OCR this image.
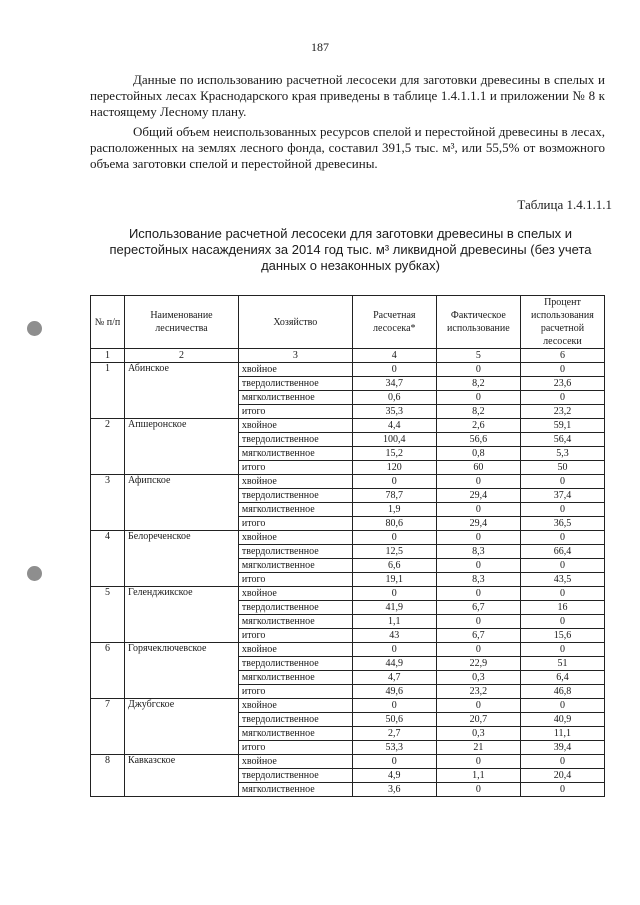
187

Данные по использованию расчетной лесосеки для заготовки древесины в спелых и перестойных лесах Краснодарского края приведены в таблице 1.4.1.1.1 и приложении № 8 к настоящему Лесному плану.

Общий объем неиспользованных ресурсов спелой и перестойной древесины в лесах, расположенных на землях лесного фонда, составил 391,5 тыс. м³, или 55,5% от возможного объема заготовки спелой и перестойной древесины.

Таблица 1.4.1.1.1

Использование расчетной лесосеки для заготовки древесины в спелых и перестойных насаждениях за 2014 год тыс. м³ ликвидной древесины (без учета данных о незаконных рубках)

№ п/п	Наименование лесничества	Хозяйство	Расчетная лесосека*	Фактическое использование	Процент использования расчетной лесосеки
1	2	3	4	5	6
1	Абинское	хвойное	0	0	0
		твердолиственное	34,7	8,2	23,6
		мягколиственное	0,6	0	0
		итого	35,3	8,2	23,2
2	Апшеронское	хвойное	4,4	2,6	59,1
		твердолиственное	100,4	56,6	56,4
		мягколиственное	15,2	0,8	5,3
		итого	120	60	50
3	Афипское	хвойное	0	0	0
		твердолиственное	78,7	29,4	37,4
		мягколиственное	1,9	0	0
		итого	80,6	29,4	36,5
4	Белореченское	хвойное	0	0	0
		твердолиственное	12,5	8,3	66,4
		мягколиственное	6,6	0	0
		итого	19,1	8,3	43,5
5	Геленджикское	хвойное	0	0	0
		твердолиственное	41,9	6,7	16
		мягколиственное	1,1	0	0
		итого	43	6,7	15,6
6	Горячеключевское	хвойное	0	0	0
		твердолиственное	44,9	22,9	51
		мягколиственное	4,7	0,3	6,4
		итого	49,6	23,2	46,8
7	Джубгское	хвойное	0	0	0
		твердолиственное	50,6	20,7	40,9
		мягколиственное	2,7	0,3	11,1
		итого	53,3	21	39,4
8	Кавказское	хвойное	0	0	0
		твердолиственное	4,9	1,1	20,4
		мягколиственное	3,6	0	0
